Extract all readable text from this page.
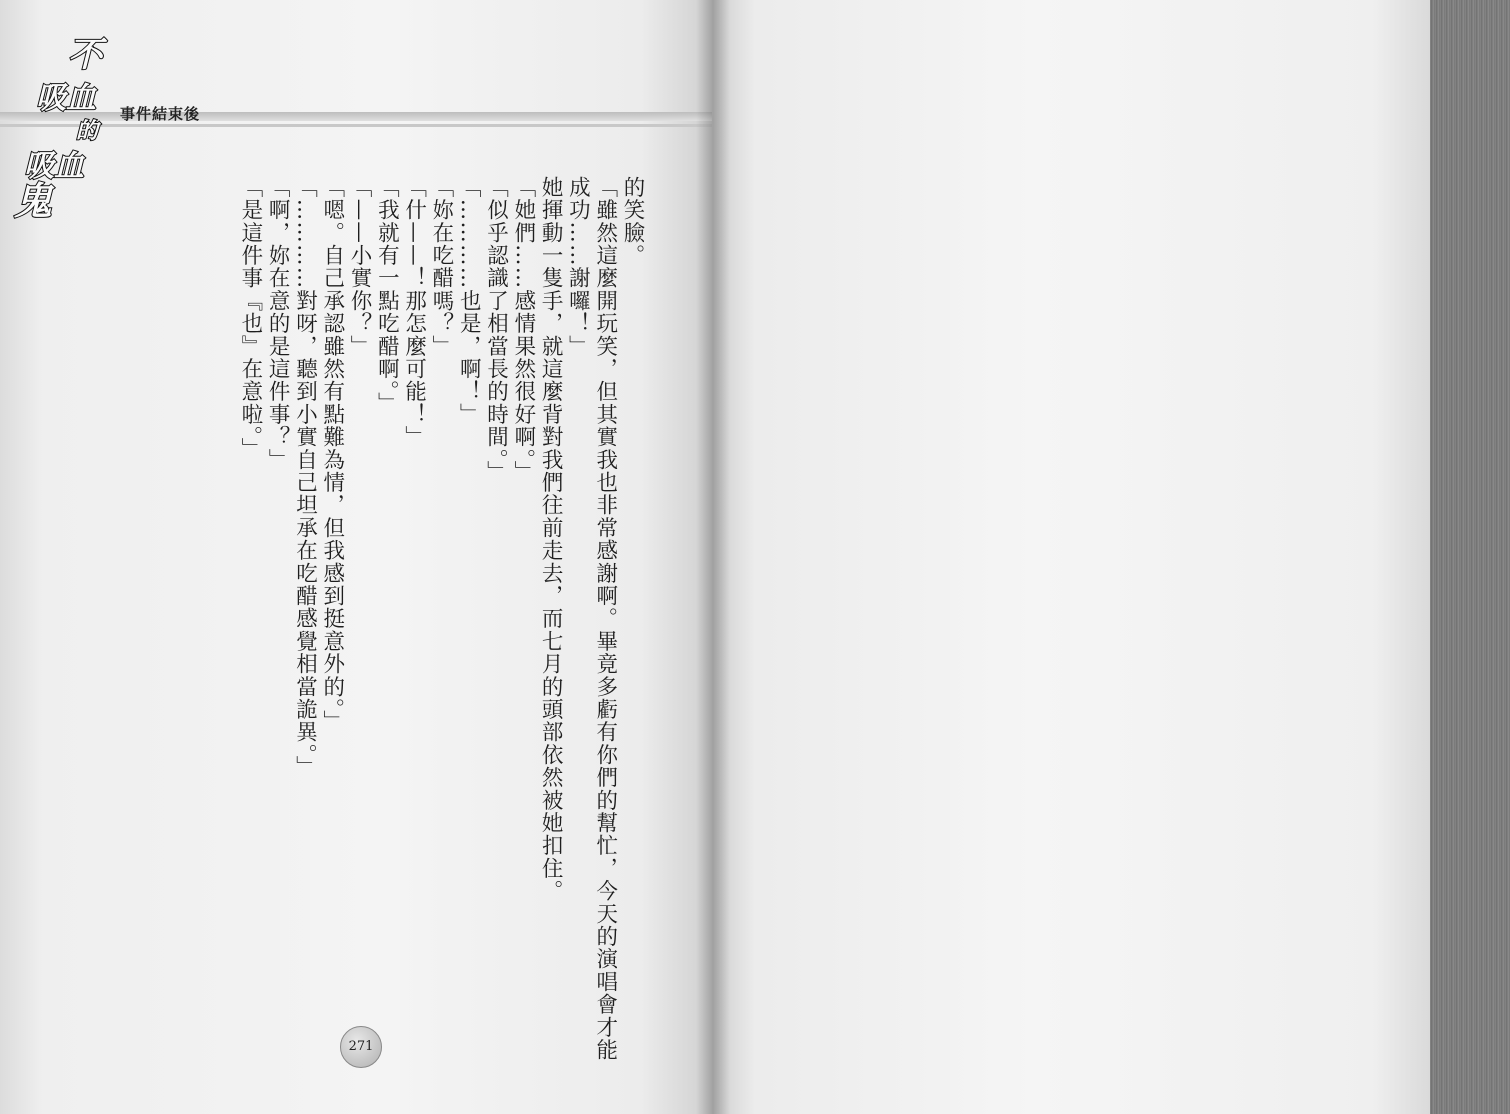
不
吸血
的
吸血
鬼
事件結束後
的笑臉。
「雖然這麼開玩笑，但其實我也非常感謝啊。畢竟多虧有你們的幫忙，今天的演唱會才能
成功……謝囉！」
她揮動一隻手，就這麼背對我們往前走去，而七月的頭部依然被她扣住。
「她們……感情果然很好啊。」
「似乎認識了相當長的時間。」
「…………也是，啊！」
「妳在吃醋嗎？」
「什——！那怎麼可能！」
「我就有一點吃醋啊。」
「——小實你？」
「嗯。自己承認雖然有點難為情，但我感到挺意外的。」
「…………對呀，聽到小實自己坦承在吃醋感覺相當詭異。」
「啊，妳在意的是這件事？」
「是這件事『也』在意啦。」
271
